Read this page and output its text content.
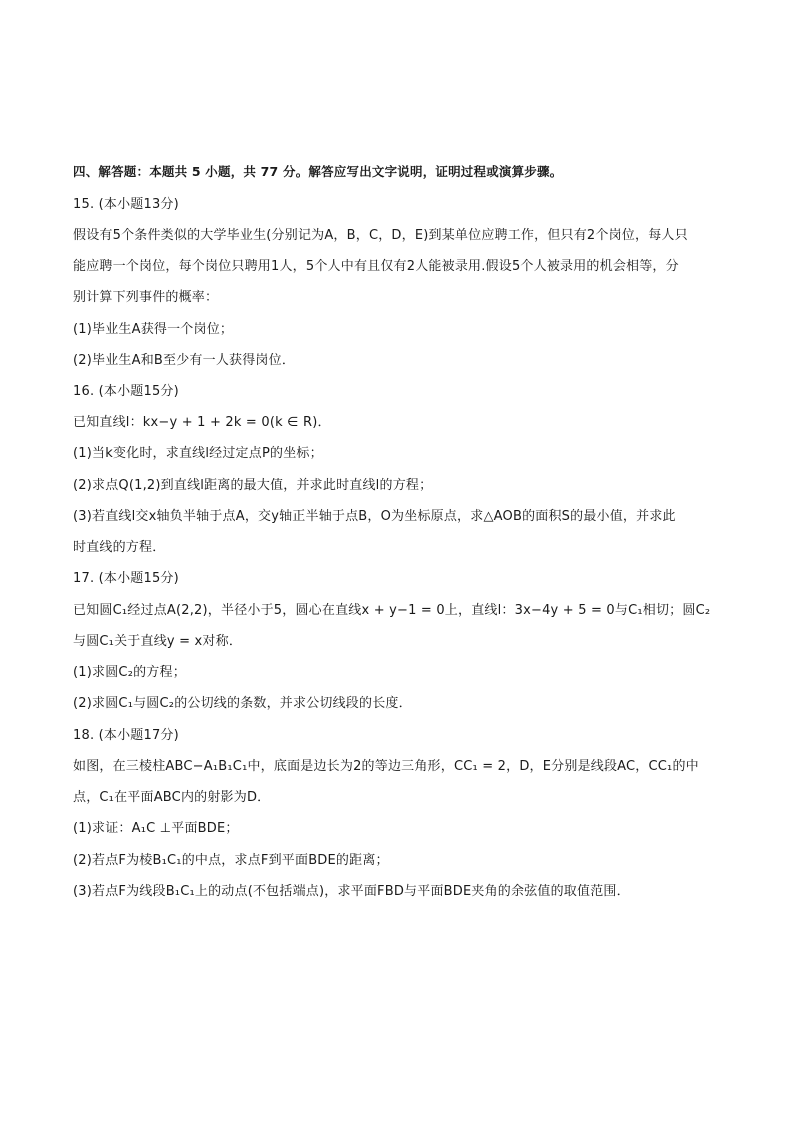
四、解答题：本题共 5 小题，共 77 分。解答应写出文字说明，证明过程或演算步骤。
15. (本小题13分)
假设有5个条件类似的大学毕业生(分别记为A，B，C，D，E)到某单位应聘工作，但只有2个岗位，每人只
能应聘一个岗位，每个岗位只聘用1人，5个人中有且仅有2人能被录用.假设5个人被录用的机会相等，分
别计算下列事件的概率：
(1)毕业生A获得一个岗位；
(2)毕业生A和B至少有一人获得岗位．
16. (本小题15分)
已知直线l：kx−y + 1 + 2k = 0(k ∈ R)．
(1)当k变化时，求直线l经过定点P的坐标；
(2)求点Q(1,2)到直线l距离的最大值，并求此时直线l的方程；
(3)若直线l交x轴负半轴于点A，交y轴正半轴于点B，O为坐标原点，求△AOB的面积S的最小值，并求此
时直线的方程．
17. (本小题15分)
已知圆C₁经过点A(2,2)，半径小于5，圆心在直线x + y−1 = 0上，直线l：3x−4y + 5 = 0与C₁相切；圆C₂
与圆C₁关于直线y = x对称．
(1)求圆C₂的方程；
(2)求圆C₁与圆C₂的公切线的条数，并求公切线段的长度．
18. (本小题17分)
如图，在三棱柱ABC−A₁B₁C₁中，底面是边长为2的等边三角形，CC₁ = 2，D，E分别是线段AC，CC₁的中
点，C₁在平面ABC内的射影为D．
(1)求证：A₁C ⊥平面BDE；
(2)若点F为棱B₁C₁的中点，求点F到平面BDE的距离；
(3)若点F为线段B₁C₁上的动点(不包括端点)，求平面FBD与平面BDE夹角的余弦值的取值范围．
